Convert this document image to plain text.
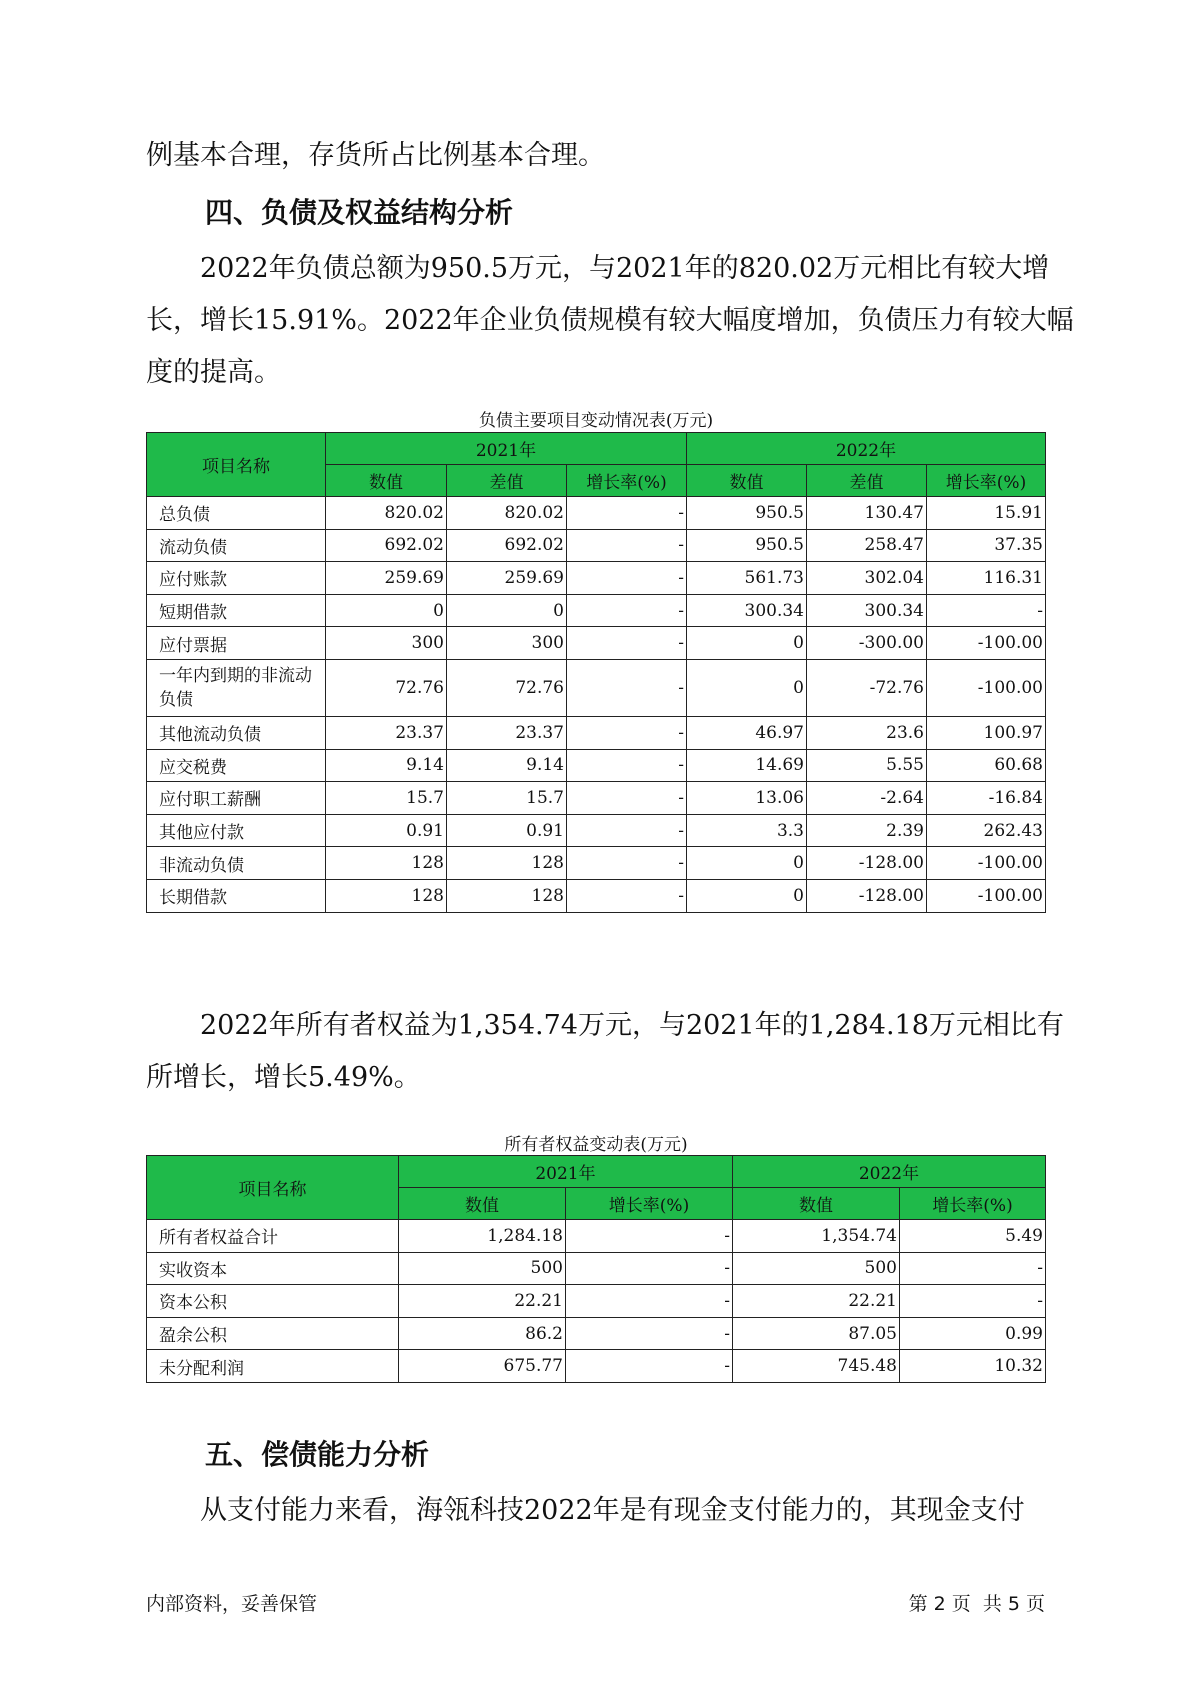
例基本合理，存货所占比例基本合理。

四、负债及权益结构分析

2022年负债总额为950.5万元，与2021年的820.02万元相比有较大增长，增长15.91%。2022年企业负债规模有较大幅度增加，负债压力有较大幅度的提高。

负债主要项目变动情况表(万元)
项目名称	2021年			2022年		
	数值	差值	增长率(%)	数值	差值	增长率(%)
总负债	820.02	820.02	-	950.5	130.47	15.91
流动负债	692.02	692.02	-	950.5	258.47	37.35
应付账款	259.69	259.69	-	561.73	302.04	116.31
短期借款	0	0	-	300.34	300.34	-
应付票据	300	300	-	0	-300.00	-100.00
一年内到期的非流动负债	72.76	72.76	-	0	-72.76	-100.00
其他流动负债	23.37	23.37	-	46.97	23.6	100.97
应交税费	9.14	9.14	-	14.69	5.55	60.68
应付职工薪酬	15.7	15.7	-	13.06	-2.64	-16.84
其他应付款	0.91	0.91	-	3.3	2.39	262.43
非流动负债	128	128	-	0	-128.00	-100.00
长期借款	128	128	-	0	-128.00	-100.00

2022年所有者权益为1,354.74万元，与2021年的1,284.18万元相比有所增长，增长5.49%。

所有者权益变动表(万元)
项目名称	2021年		2022年	
	数值	增长率(%)	数值	增长率(%)
所有者权益合计	1,284.18	-	1,354.74	5.49
实收资本	500	-	500	-
资本公积	22.21	-	22.21	-
盈余公积	86.2	-	87.05	0.99
未分配利润	675.77	-	745.48	10.32
五、偿债能力分析

从支付能力来看，海瓴科技2022年是有现金支付能力的，其现金支付

内部资料，妥善保管	第 2 页  共 5 页
